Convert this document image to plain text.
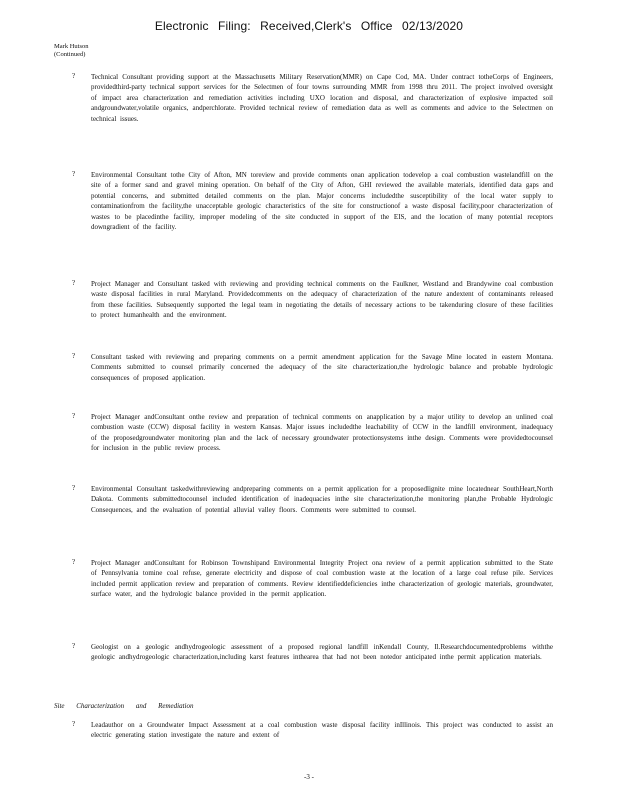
Electronic Filing: Received,Clerk's Office 02/13/2020
Mark Hutson
(Continued)
? Technical Consultant providing support at the Massachusetts Military Reservation(MMR) on Cape Cod, MA. Under contract totheCorps of Engineers, providedthird-party technical support services for the Selectmen of four towns surrounding MMR from 1998 thru 2011. The project involved oversight of impact area characterization and remediation activities including UXO location and disposal, and characterization of explosive impacted soil andgroundwater,volatile organics, andperchlorate. Provided technical review of remediation data as well as comments and advice to the Selectmen on technical issues.
? Environmental Consultant tothe City of Afton, MN toreview and provide comments onan application todevelop a coal combustion wastelandfill on the site of a former sand and gravel mining operation. On behalf of the City of Afton, GHI reviewed the available materials, identified data gaps and potential concerns, and submitted detailed comments on the plan. Major concerns includedthe susceptibility of the local water supply to contaminationfrom the facility,the unacceptable geologic characteristics of the site for constructionof a waste disposal facility,poor characterization of wastes to be placedinthe facility, improper modeling of the site conducted in support of the EIS, and the location of many potential receptors downgradient of the facility.
? Project Manager and Consultant tasked with reviewing and providing technical comments on the Faulkner, Westland and Brandywine coal combustion waste disposal facilities in rural Maryland. Providedcomments on the adequacy of characterization of the nature andextent of contaminants released from these facilities. Subsequently supported the legal team in negotiating the details of necessary actions to be takenduring closure of these facilities to protect humanhealth and the environment.
? Consultant tasked with reviewing and preparing comments on a permit amendment application for the Savage Mine located in eastern Montana. Comments submitted to counsel primarily concerned the adequacy of the site characterization,the hydrologic balance and probable hydrologic consequences of proposed application.
? Project Manager andConsultant onthe review and preparation of technical comments on anapplication by a major utility to develop an unlined coal combustion waste (CCW) disposal facility in western Kansas. Major issues includedthe leachability of CCW in the landfill environment, inadequacy of the proposedgroundwater monitoring plan and the lack of necessary groundwater protectionsystems inthe design. Comments were providedtocounsel for inclusion in the public review process.
? Environmental Consultant taskedwithreviewing andpreparing comments on a permit application for a proposedlignite mine locatednear SouthHeart,North Dakota. Comments submittedtocounsel included identification of inadequacies inthe site characterization,the monitoring plan,the Probable Hydrologic Consequences, and the evaluation of potential alluvial valley floors. Comments were submitted to counsel.
? Project Manager andConsultant for Robinson Townshipand Environmental Integrity Project ona review of a permit application submitted to the State of Pennsylvania tomine coal refuse, generate electricity and dispose of coal combustion waste at the location of a large coal refuse pile. Services included permit application review and preparation of comments. Review identifieddeficiencies inthe characterization of geologic materials, groundwater, surface water, and the hydrologic balance provided in the permit application.
? Geologist on a geologic andhydrogeologic assessment of a proposed regional landfill inKendall County, Il.Researchdocumentedproblems withthe geologic andhydrogeologic characterization,including karst features inthearea that had not been notedor anticipated inthe permit application materials.
Site Characterization and Remediation
? Leadauthor on a Groundwater Impact Assessment at a coal combustion waste disposal facility inIllinois. This project was conducted to assist an electric generating station investigate the nature and extent of
-3 -
